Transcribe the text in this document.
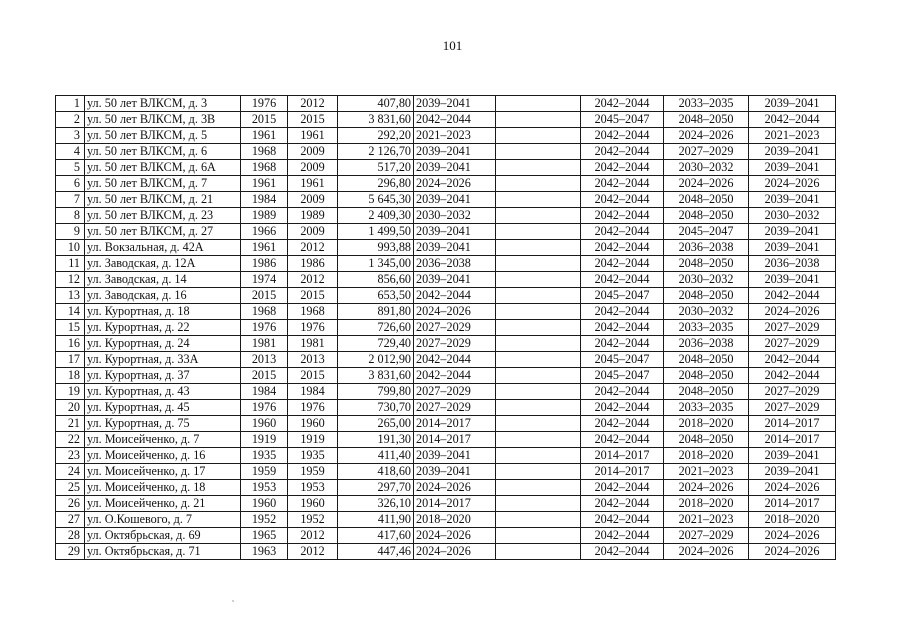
101
1	ул. 50 лет ВЛКСМ, д. 3	1976	2012	407,80	2039–2041		2042–2044	2033–2035	2039–2041
2	ул. 50 лет ВЛКСМ, д. 3В	2015	2015	3 831,60	2042–2044		2045–2047	2048–2050	2042–2044
3	ул. 50 лет ВЛКСМ, д. 5	1961	1961	292,20	2021–2023		2042–2044	2024–2026	2021–2023
4	ул. 50 лет ВЛКСМ, д. 6	1968	2009	2 126,70	2039–2041		2042–2044	2027–2029	2039–2041
5	ул. 50 лет ВЛКСМ, д. 6А	1968	2009	517,20	2039–2041		2042–2044	2030–2032	2039–2041
6	ул. 50 лет ВЛКСМ, д. 7	1961	1961	296,80	2024–2026		2042–2044	2024–2026	2024–2026
7	ул. 50 лет ВЛКСМ, д. 21	1984	2009	5 645,30	2039–2041		2042–2044	2048–2050	2039–2041
8	ул. 50 лет ВЛКСМ, д. 23	1989	1989	2 409,30	2030–2032		2042–2044	2048–2050	2030–2032
9	ул. 50 лет ВЛКСМ, д. 27	1966	2009	1 499,50	2039–2041		2042–2044	2045–2047	2039–2041
10	ул. Вокзальная, д. 42А	1961	2012	993,88	2039–2041		2042–2044	2036–2038	2039–2041
11	ул. Заводская, д. 12А	1986	1986	1 345,00	2036–2038		2042–2044	2048–2050	2036–2038
12	ул. Заводская, д. 14	1974	2012	856,60	2039–2041		2042–2044	2030–2032	2039–2041
13	ул. Заводская, д. 16	2015	2015	653,50	2042–2044		2045–2047	2048–2050	2042–2044
14	ул. Курортная, д. 18	1968	1968	891,80	2024–2026		2042–2044	2030–2032	2024–2026
15	ул. Курортная, д. 22	1976	1976	726,60	2027–2029		2042–2044	2033–2035	2027–2029
16	ул. Курортная, д. 24	1981	1981	729,40	2027–2029		2042–2044	2036–2038	2027–2029
17	ул. Курортная, д. 33А	2013	2013	2 012,90	2042–2044		2045–2047	2048–2050	2042–2044
18	ул. Курортная, д. 37	2015	2015	3 831,60	2042–2044		2045–2047	2048–2050	2042–2044
19	ул. Курортная, д. 43	1984	1984	799,80	2027–2029		2042–2044	2048–2050	2027–2029
20	ул. Курортная, д. 45	1976	1976	730,70	2027–2029		2042–2044	2033–2035	2027–2029
21	ул. Курортная, д. 75	1960	1960	265,00	2014–2017		2042–2044	2018–2020	2014–2017
22	ул. Моисейченко, д. 7	1919	1919	191,30	2014–2017		2042–2044	2048–2050	2014–2017
23	ул. Моисейченко, д. 16	1935	1935	411,40	2039–2041		2014–2017	2018–2020	2039–2041
24	ул. Моисейченко, д. 17	1959	1959	418,60	2039–2041		2014–2017	2021–2023	2039–2041
25	ул. Моисейченко, д. 18	1953	1953	297,70	2024–2026		2042–2044	2024–2026	2024–2026
26	ул. Моисейченко, д. 21	1960	1960	326,10	2014–2017		2042–2044	2018–2020	2014–2017
27	ул. О.Кошевого, д. 7	1952	1952	411,90	2018–2020		2042–2044	2021–2023	2018–2020
28	ул. Октябрьская, д. 69	1965	2012	417,60	2024–2026		2042–2044	2027–2029	2024–2026
29	ул. Октябрьская, д. 71	1963	2012	447,46	2024–2026		2042–2044	2024–2026	2024–2026
